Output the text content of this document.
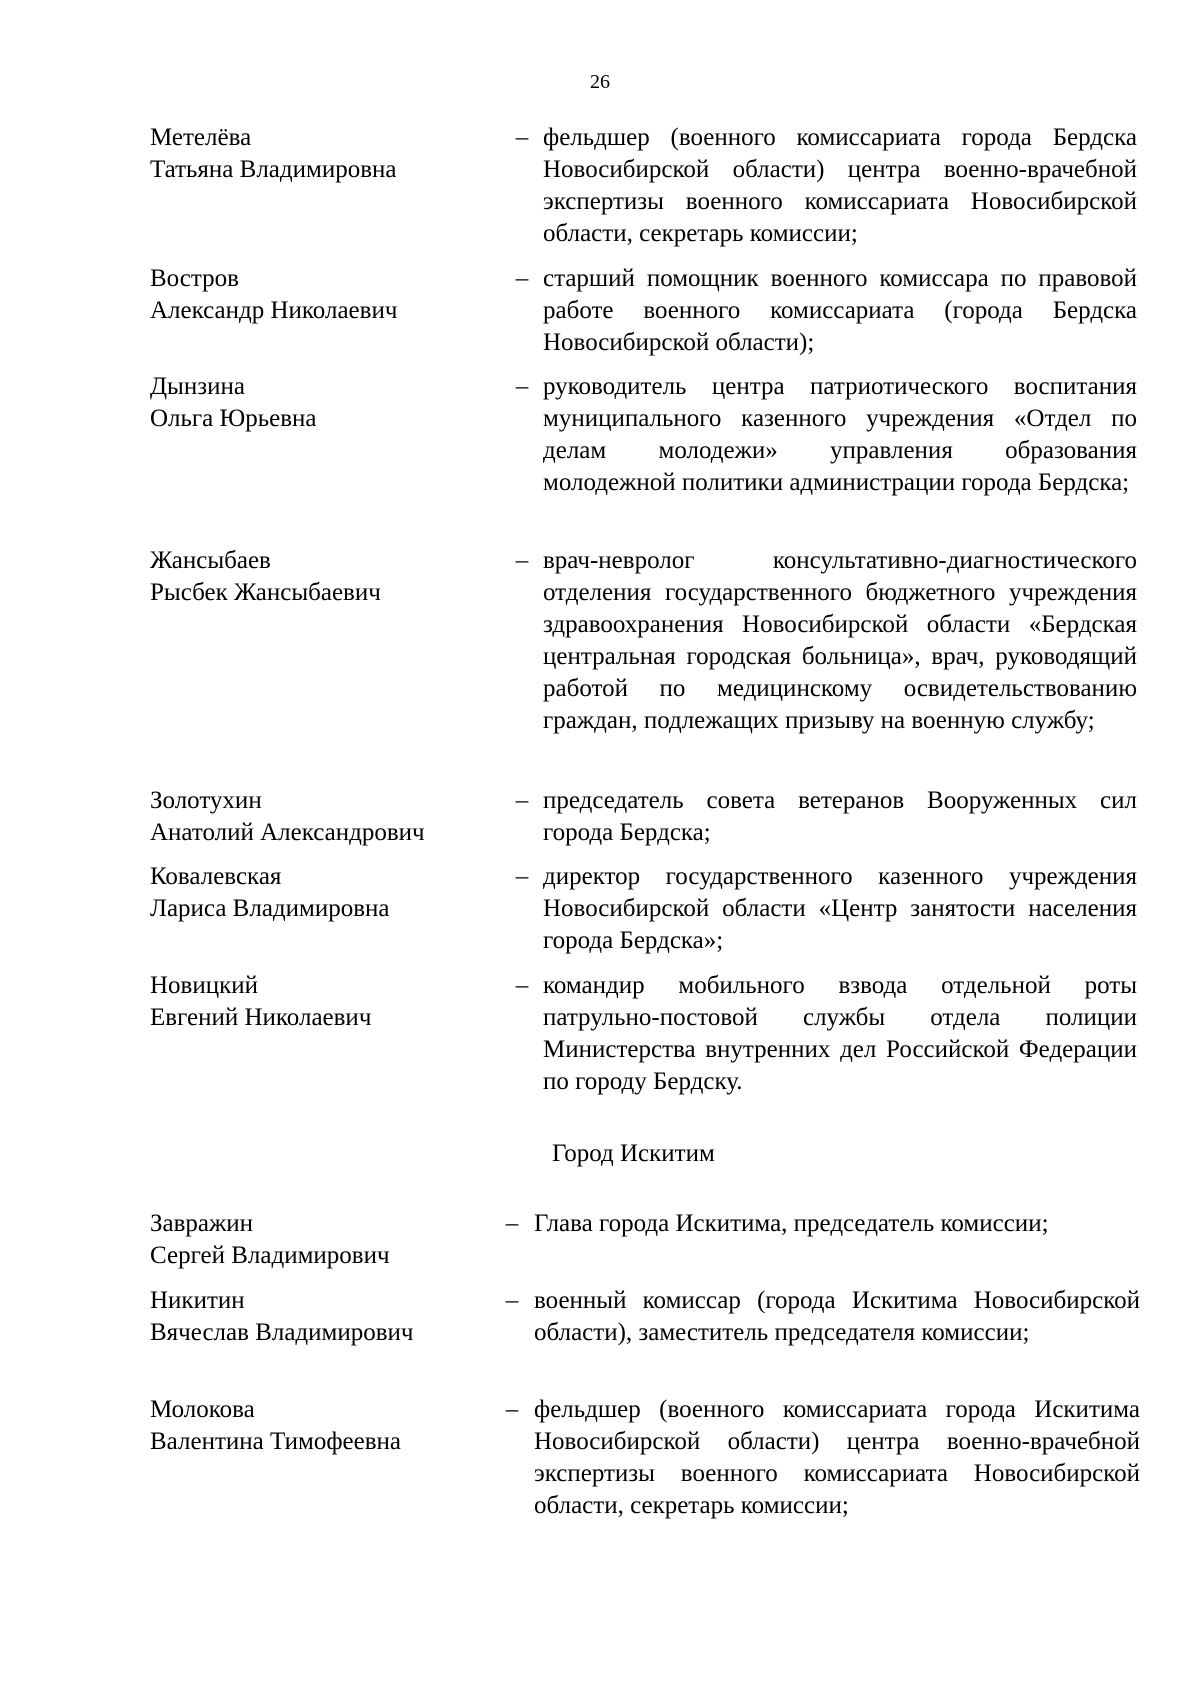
26
Метелёва
Татьяна Владимировна
– фельдшер (военного комиссариата города Бердска Новосибирской области) центра военно-врачебной экспертизы военного комиссариата Новосибирской области, секретарь комиссии;
Востров
Александр Николаевич
– старший помощник военного комиссара по правовой работе военного комиссариата (города Бердска Новосибирской области);
Дынзина
Ольга Юрьевна
– руководитель центра патриотического воспитания муниципального казенного учреждения «Отдел по делам молодежи» управления образования молодежной политики администрации города Бердска;
Жансыбаев
Рысбек Жансыбаевич
– врач-невролог консультативно-диагностического отделения государственного бюджетного учреждения здравоохранения Новосибирской области «Бердская центральная городская больница», врач, руководящий работой по медицинскому освидетельствованию граждан, подлежащих призыву на военную службу;
Золотухин
Анатолий Александрович
– председатель совета ветеранов Вооруженных сил города Бердска;
Ковалевская
Лариса Владимировна
– директор государственного казенного учреждения Новосибирской области «Центр занятости населения города Бердска»;
Новицкий
Евгений Николаевич
– командир мобильного взвода отдельной роты патрульно-постовой службы отдела полиции Министерства внутренних дел Российской Федерации по городу Бердску.
Город Искитим
Завражин
Сергей Владимирович
– Глава города Искитима, председатель комиссии;
Никитин
Вячеслав Владимирович
– военный комиссар (города Искитима Новосибирской области), заместитель председателя комиссии;
Молокова
Валентина Тимофеевна
– фельдшер (военного комиссариата города Искитима Новосибирской области) центра военно-врачебной экспертизы военного комиссариата Новосибирской области, секретарь комиссии;
